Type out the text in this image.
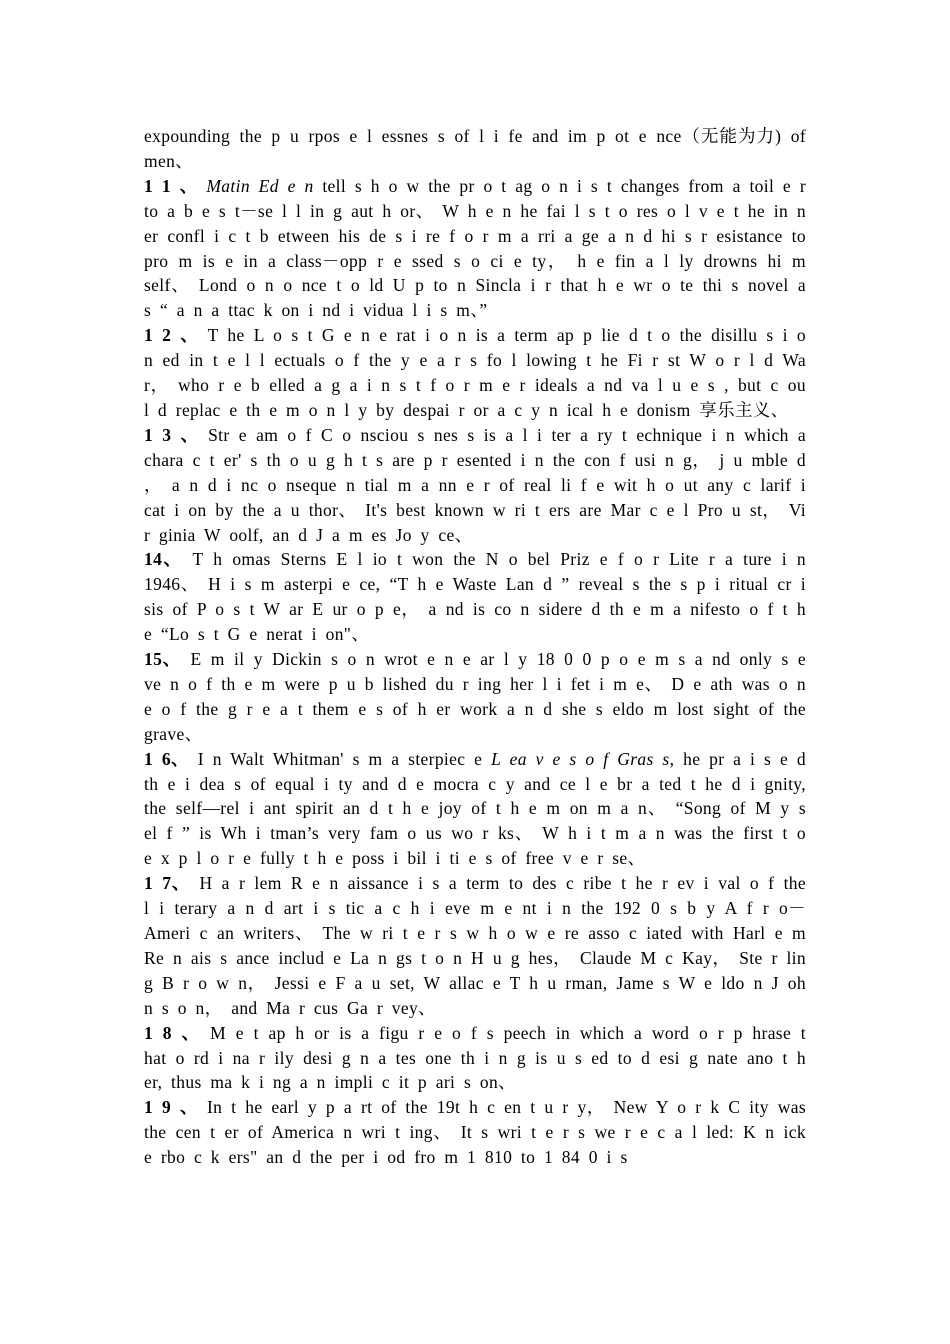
expounding the p u rpos e l essnes s of l i fe and im p ot e nce（无能为力) of men、

1 1 、 Matin Ed e n tell s h o w the pr o t ag o n i s t changes from a toil e r to a b e s t－se l l in g aut h or、 W h e n he fai l s t o res o l v e t he in n er confl i c t b etween his de s i re f o r m a rri a ge a n d hi s r esistance to pro m is e in a class－opp r e ssed s o ci e ty， h e fin a l ly drowns hi m self、 Lond o n o nce t o ld U p to n Sincla i r that h e wr o te thi s novel a s “ a n a ttac k on i nd i vidua l i s m、”

1 2 、 T he L o s t G e n e rat i o n is a term ap p lie d t o the disillu s i o n ed in t e l l ectuals o f the y e a r s fo l lowing t he Fi r st W o r l d Wa r， who r e b elled a g a i n s t f o r m e r ideals a nd va l u e s , but c ou l d replac e th e m o n l y by despai r or a c y n ical h e donism 享乐主义、

1 3 、 Str e am o f C o nsciou s nes s is a l i ter a ry t echnique i n which a chara c t er' s th o u g h t s are p r esented i n the con f usi n g， j u mble d ， a n d i nc o nseque n tial m a nn e r of real li f e wit h o ut any c larif i cat i on by the a u thor、 It's best known w ri t ers are Mar c e l Pro u st， Vi r ginia W oolf, an d J a m es Jo y ce、

14、 T h omas Sterns E l io t won the N o bel Priz e f o r Lite r a ture i n 1946、 H i s m asterpi e ce, “T h e Waste Lan d ” reveal s the s p i ritual cr i sis of P o s t W ar E ur o p e， a nd is co n sidere d th e m a nifesto o f t h e “Lo s t G e nerat i on"、

15、 E m il y Dickin s o n wrot e n e ar l y 18 0 0 p o e m s a nd only s e ve n o f th e m were p u b lished du r ing her l i fet i m e、 D e ath was o n e o f the g r e a t them e s of h er work a n d she s eldo m lost sight of the grave、

1 6、 I n Walt Whitman' s m a sterpiec e L ea v e s o f Gras s, he pr a i s e d th e i dea s of equal i ty and d e mocra c y and ce l e br a ted t he d i gnity, the self—rel i ant spirit an d t h e joy of t h e m on m a n、 “Song of M y s el f ” is Wh i tman’s very fam o us wo r ks、 W h i t m a n was the first t o e x p l o r e fully t h e poss i bil i ti e s of free v e r se、

1 7、 H a r lem R e n aissance i s a term to des c ribe t he r ev i val o f the l i terary a n d art i s tic a c h i eve m e nt i n the 192 0 s b y A f r o－Ameri c an writers、 The w ri t e r s w h o w e re asso c iated with Harl e m Re n ais s ance includ e La n gs t o n H u g hes， Claude M c Kay， Ste r lin g B r o w n， Jessi e F a u set, W allac e T h u rman, Jame s W e ldo n J oh n s o n， and Ma r cus Ga r vey、

1 8 、 M e t ap h or is a figu r e o f s peech in which a word o r p hrase t hat o rd i na r ily desi g n a tes one th i n g is u s ed to d esi g nate ano t h er, thus ma k i ng a n impli c it p ari s on、

1 9 、 In t he earl y p a rt of the 19t h c en t u r y， New Y o r k C ity was the cen t er of America n wri t ing、 It s wri t e r s we r e c a l led: K n ick e rbo c k ers" an d the per i od fro m 1 810 to 1 84 0 i s
